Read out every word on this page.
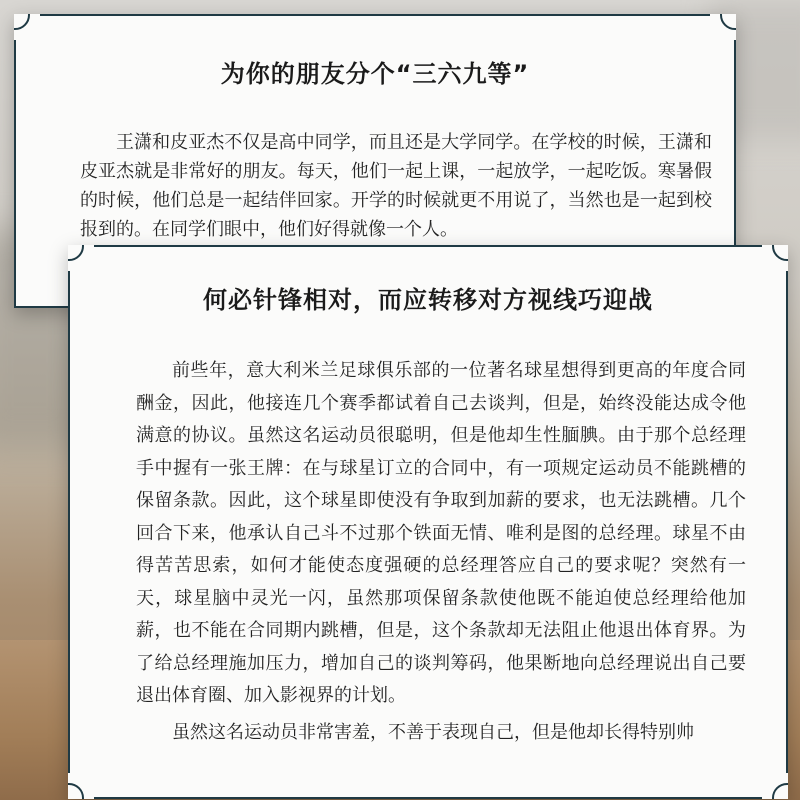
为你的朋友分个“三六九等”

王潇和皮亚杰不仅是高中同学，而且还是大学同学。在学校的时候，王潇和皮亚杰就是非常好的朋友。每天，他们一起上课，一起放学，一起吃饭。寒暑假的时候，他们总是一起结伴回家。开学的时候就更不用说了，当然也是一起到校报到的。在同学们眼中，他们好得就像一个人。

何必针锋相对，而应转移对方视线巧迎战

前些年，意大利米兰足球俱乐部的一位著名球星想得到更高的年度合同酬金，因此，他接连几个赛季都试着自己去谈判，但是，始终没能达成令他满意的协议。虽然这名运动员很聪明，但是他却生性腼腆。由于那个总经理手中握有一张王牌：在与球星订立的合同中，有一项规定运动员不能跳槽的保留条款。因此，这个球星即使没有争取到加薪的要求，也无法跳槽。几个回合下来，他承认自己斗不过那个铁面无情、唯利是图的总经理。球星不由得苦苦思索，如何才能使态度强硬的总经理答应自己的要求呢？突然有一天，球星脑中灵光一闪，虽然那项保留条款使他既不能迫使总经理给他加薪，也不能在合同期内跳槽，但是，这个条款却无法阻止他退出体育界。为了给总经理施加压力，增加自己的谈判筹码，他果断地向总经理说出自己要退出体育圈、加入影视界的计划。

虽然这名运动员非常害羞，不善于表现自己，但是他却长得特别帅
